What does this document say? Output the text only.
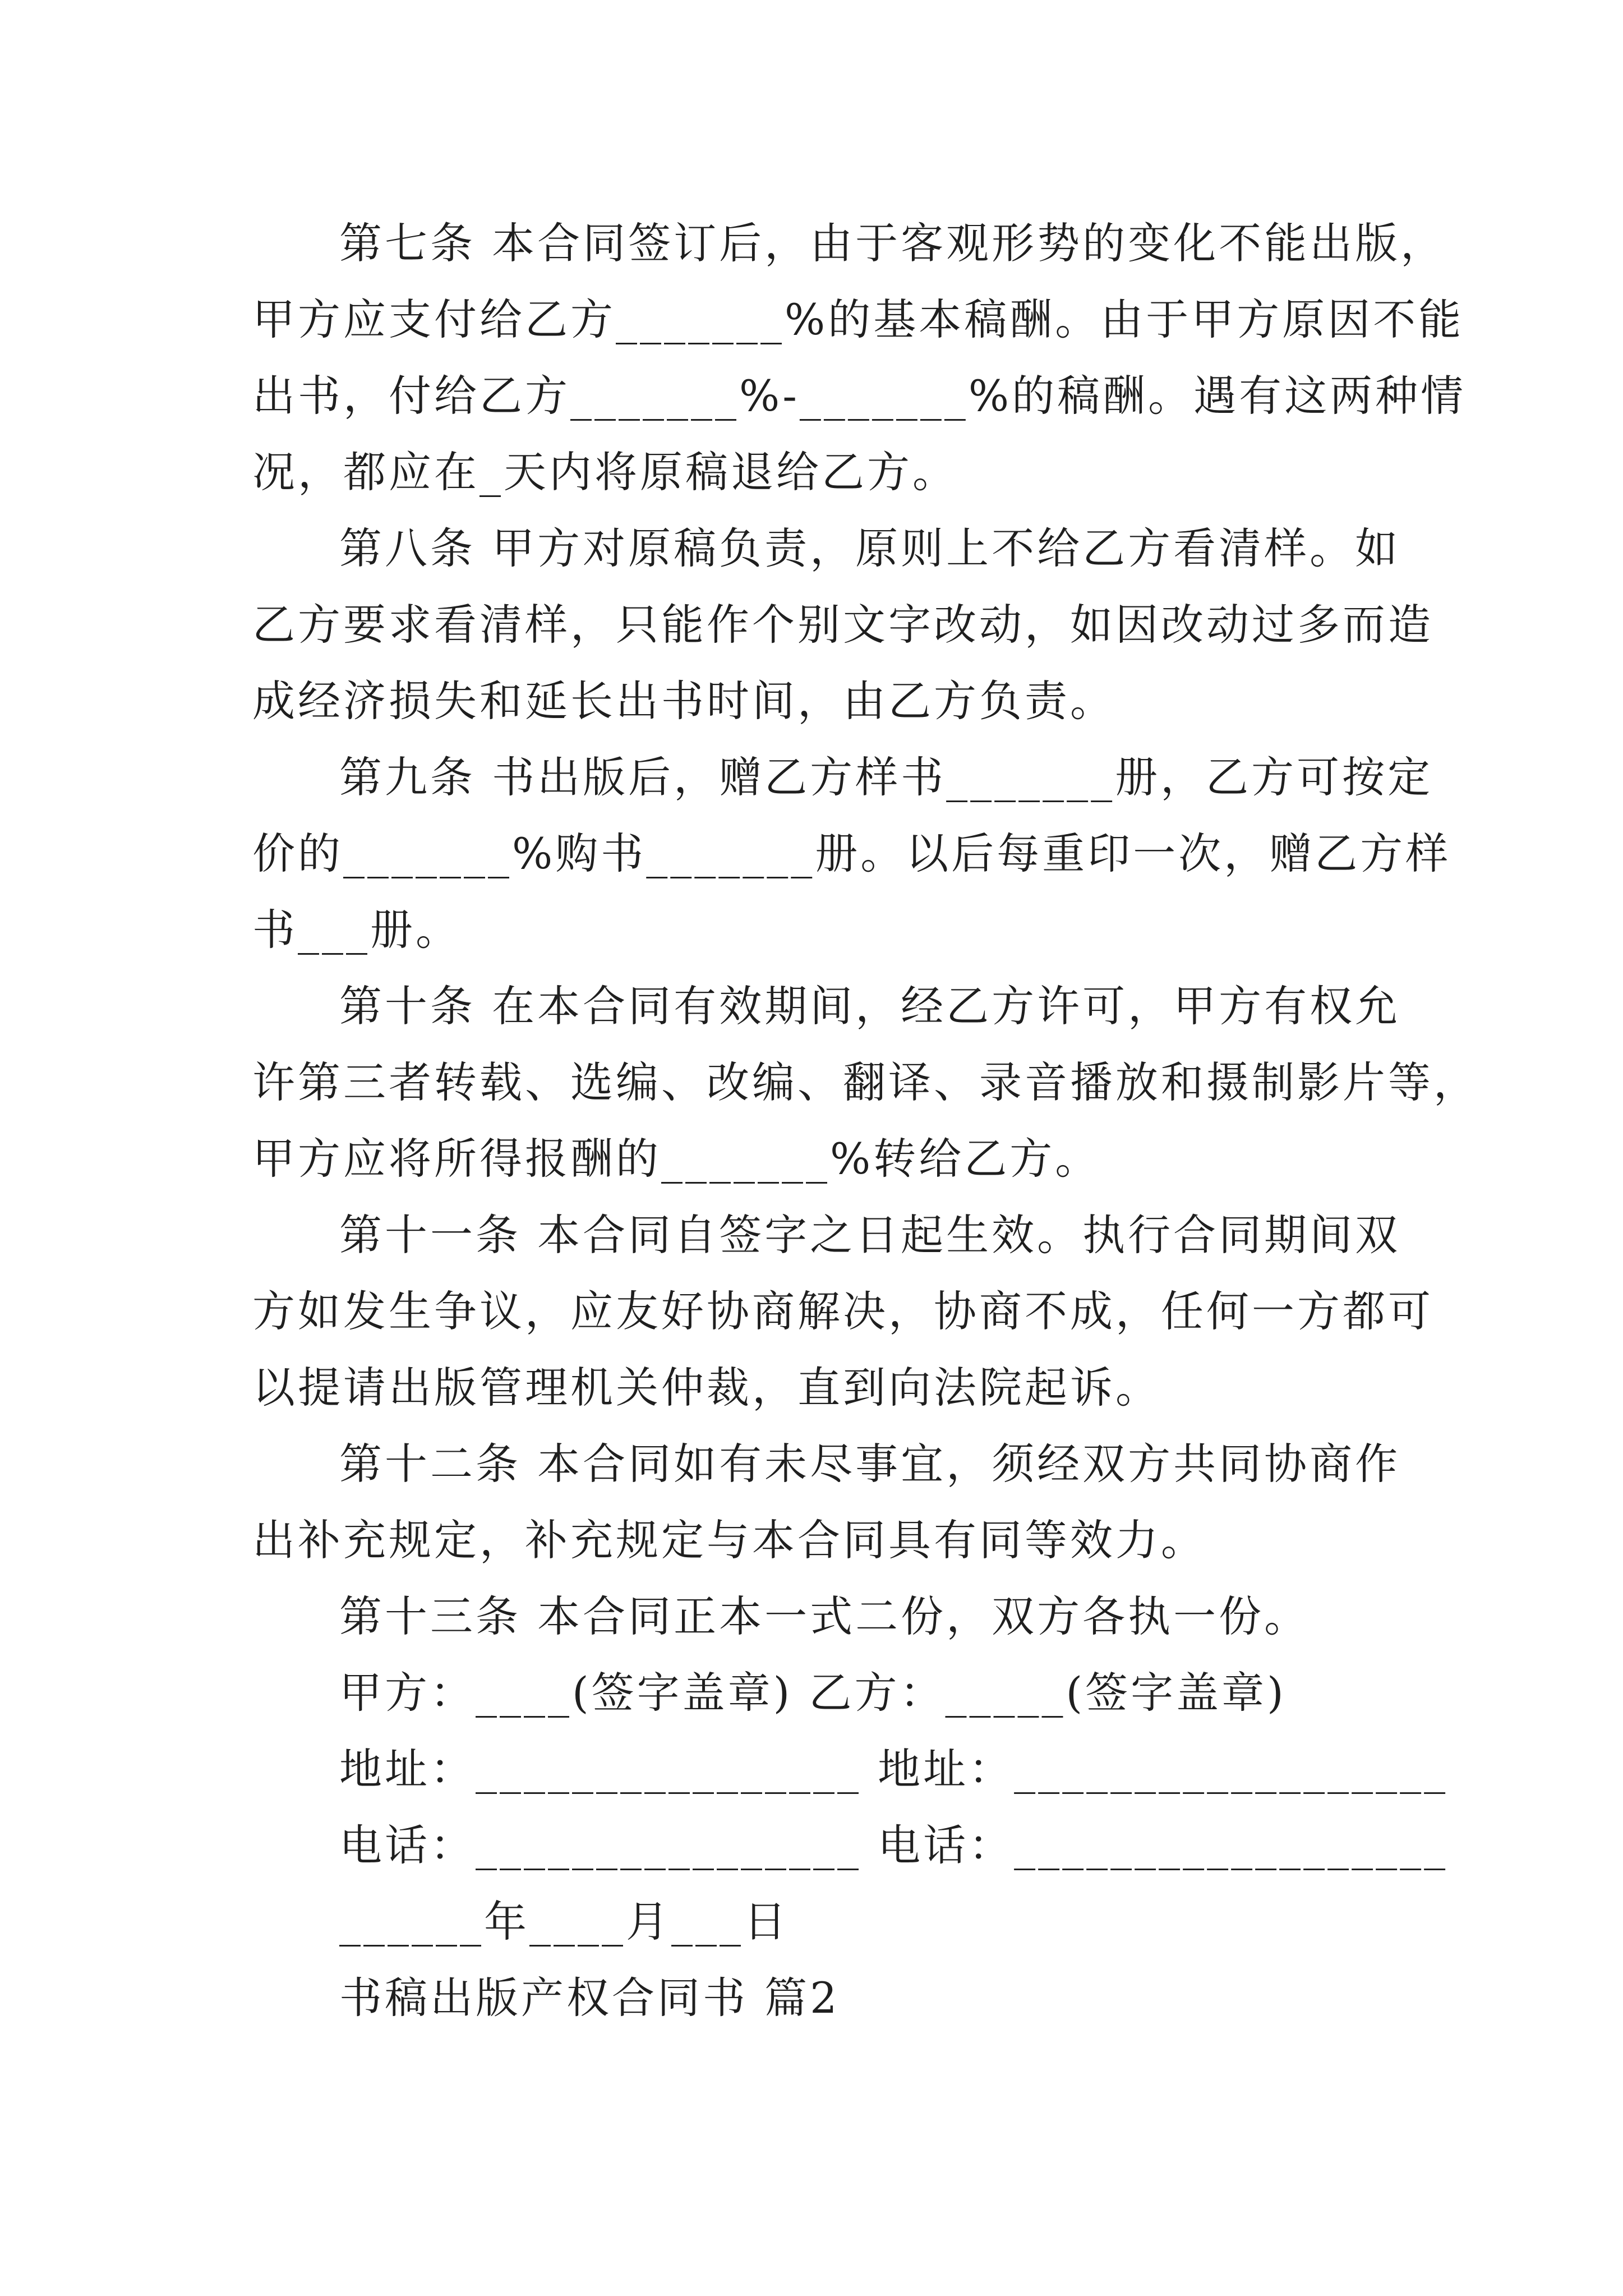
第七条 本合同签订后，由于客观形势的变化不能出版，
甲方应支付给乙方_______%的基本稿酬。由于甲方原因不能
出书，付给乙方_______%-_______%的稿酬。遇有这两种情
况，都应在_天内将原稿退给乙方。
第八条 甲方对原稿负责，原则上不给乙方看清样。如
乙方要求看清样，只能作个别文字改动，如因改动过多而造
成经济损失和延长出书时间，由乙方负责。
第九条 书出版后，赠乙方样书_______册，乙方可按定
价的_______%购书_______册。以后每重印一次，赠乙方样
书___册。
第十条 在本合同有效期间，经乙方许可，甲方有权允
许第三者转载、选编、改编、翻译、录音播放和摄制影片等，
甲方应将所得报酬的_______%转给乙方。
第十一条 本合同自签字之日起生效。执行合同期间双
方如发生争议，应友好协商解决，协商不成，任何一方都可
以提请出版管理机关仲裁，直到向法院起诉。
第十二条 本合同如有未尽事宜，须经双方共同协商作
出补充规定，补充规定与本合同具有同等效力。
第十三条 本合同正本一式二份，双方各执一份。
甲方：____(签字盖章) 乙方：_____(签字盖章)
地址：________________ 地址：__________________
电话：________________ 电话：__________________
______年____月___日
书稿出版产权合同书 篇2
